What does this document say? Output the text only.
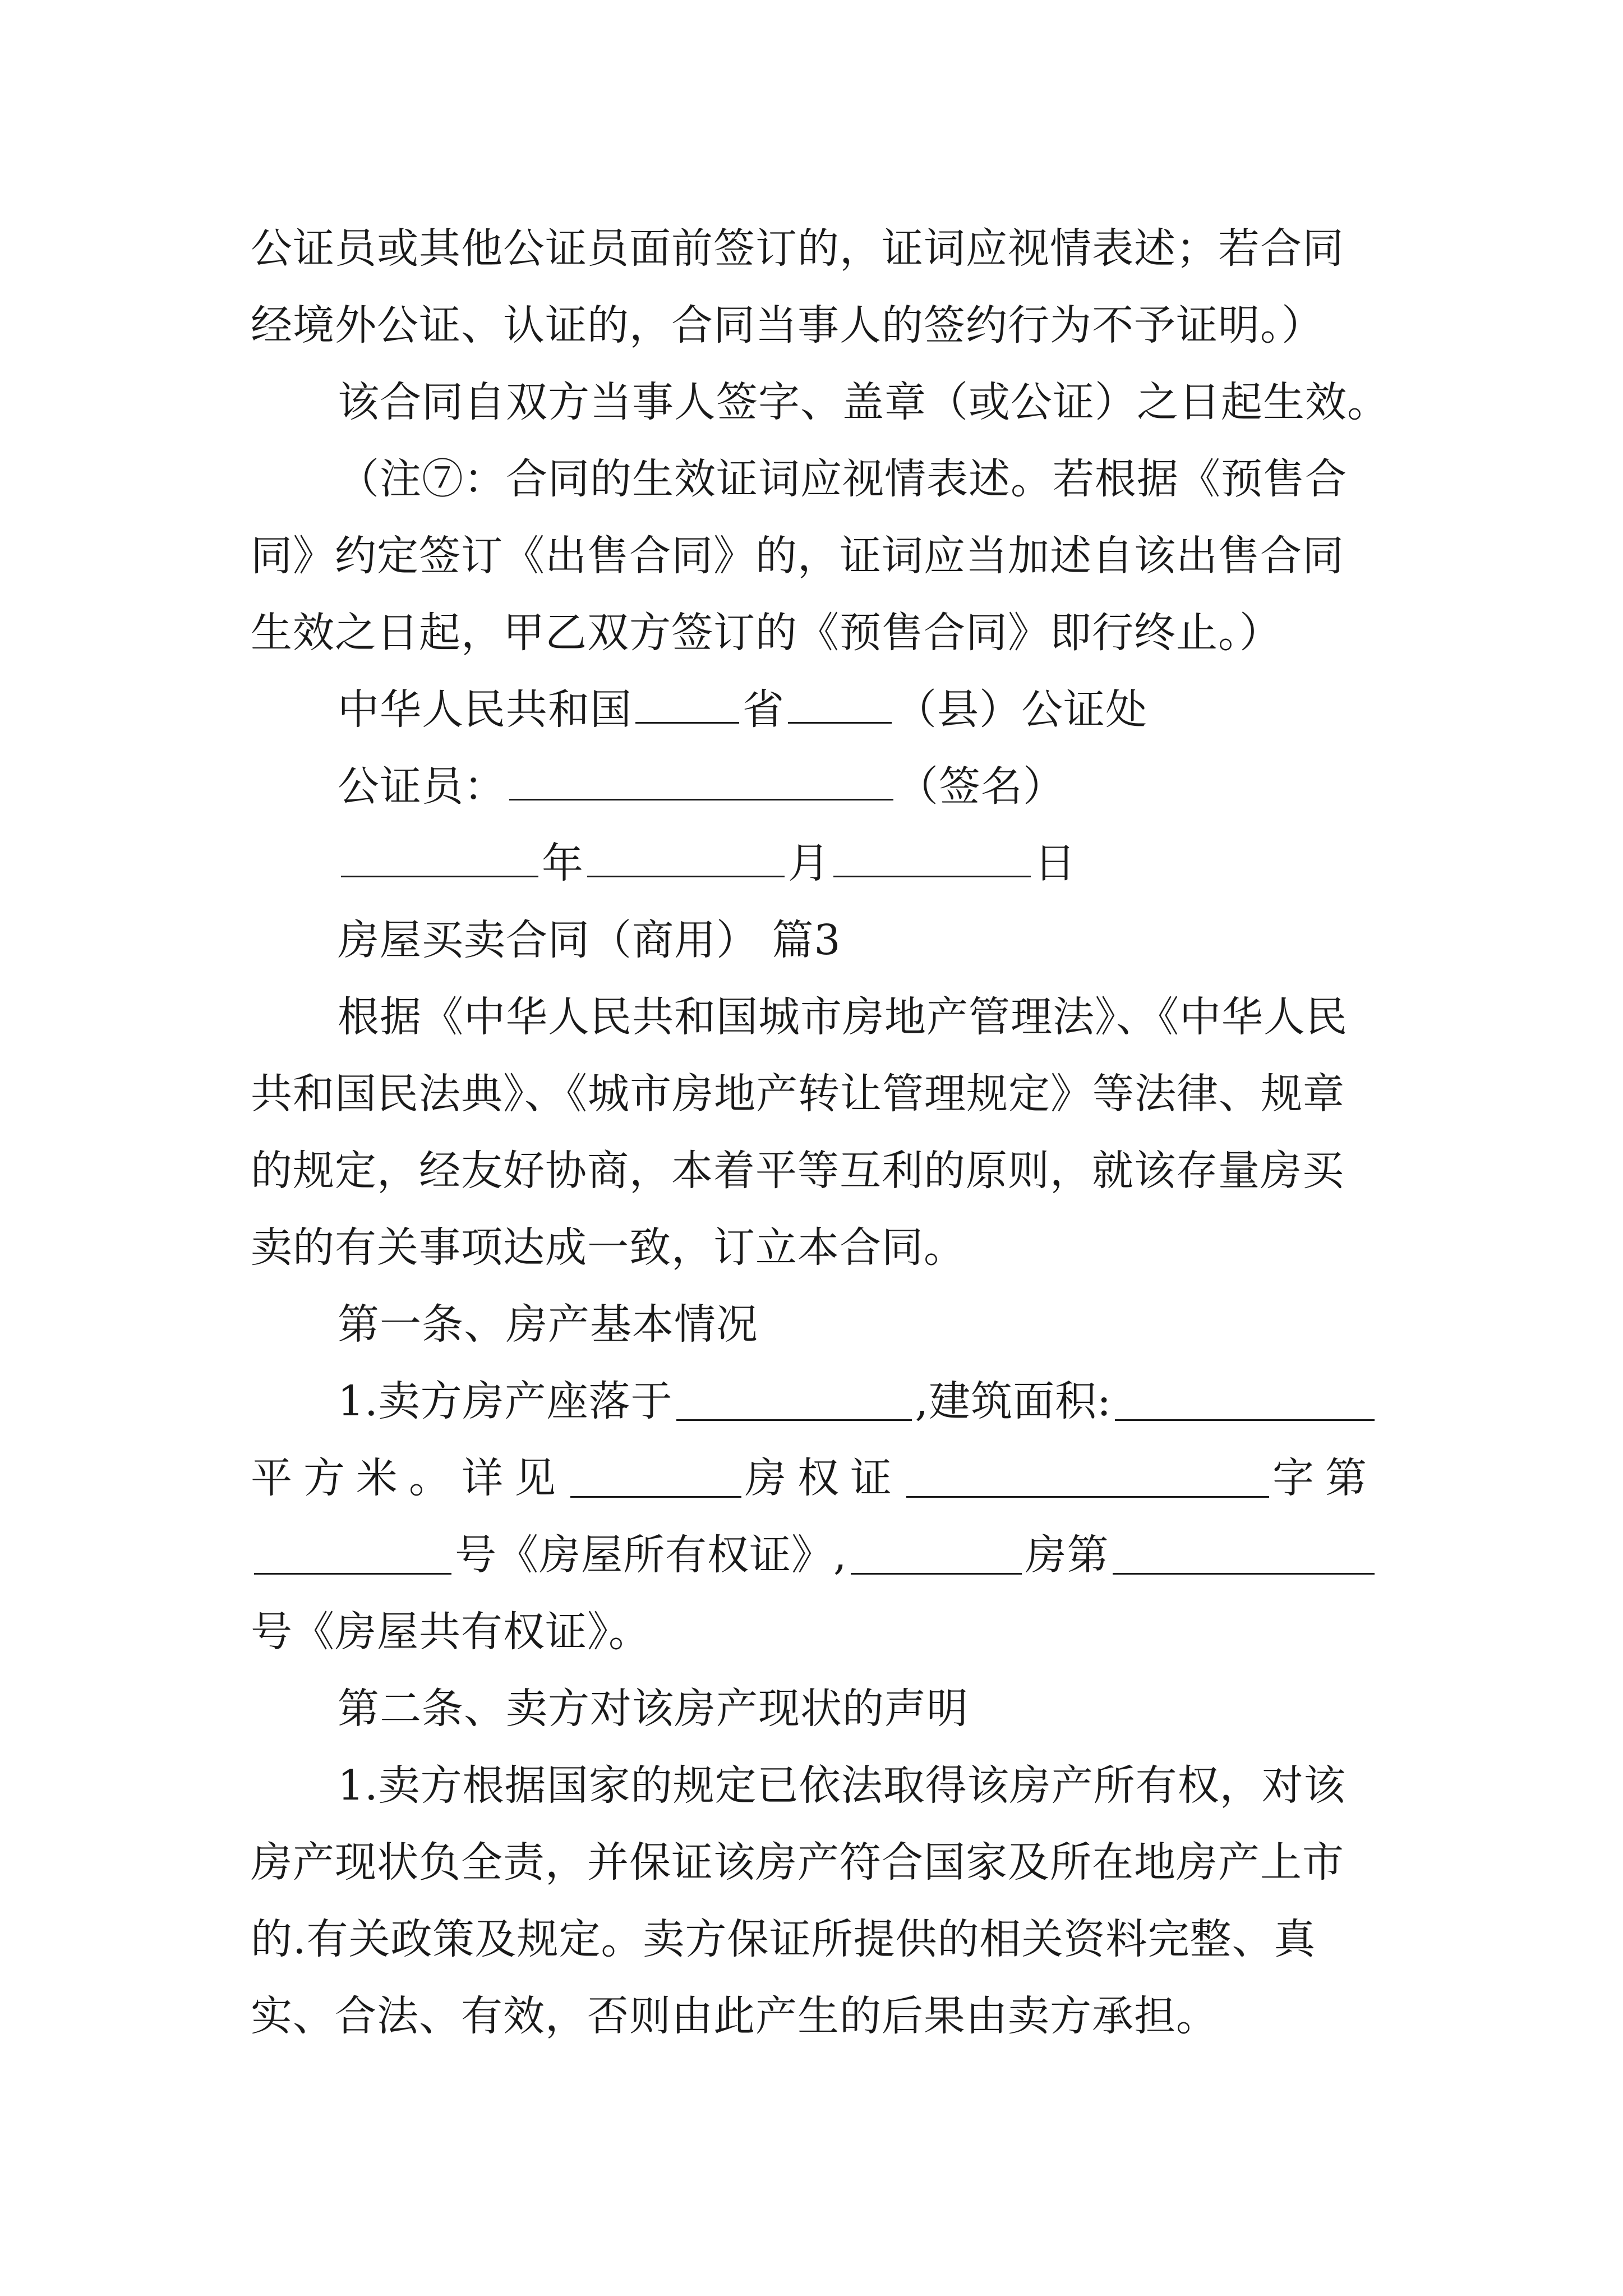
公证员或其他公证员面前签订的，证词应视情表述；若合同
经境外公证、认证的，合同当事人的签约行为不予证明。）
该合同自双方当事人签字、盖章（或公证）之日起生效。
（注⑦：合同的生效证词应视情表述。若根据《预售合
同》约定签订《出售合同》的，证词应当加述自该出售合同
生效之日起，甲乙双方签订的《预售合同》即行终止。）
中华人民共和国	省	（县）公证处
公证员：	（签名）
年	月	日
房屋买卖合同（商用） 篇3
根据《中华人民共和国城市房地产管理法》、《中华人民
共和国民法典》、《城市房地产转让管理规定》等法律、规章
的规定，经友好协商，本着平等互利的原则，就该存量房买
卖的有关事项达成一致，订立本合同。
第一条、房产基本情况
1.卖方房产座落于	,建筑面积:
平方米。详见	房权证	字第
号《房屋所有权证》,	房第
号《房屋共有权证》。
第二条、卖方对该房产现状的声明
1.卖方根据国家的规定已依法取得该房产所有权，对该
房产现状负全责，并保证该房产符合国家及所在地房产上市
的.有关政策及规定。卖方保证所提供的相关资料完整、真
实、合法、有效，否则由此产生的后果由卖方承担。
